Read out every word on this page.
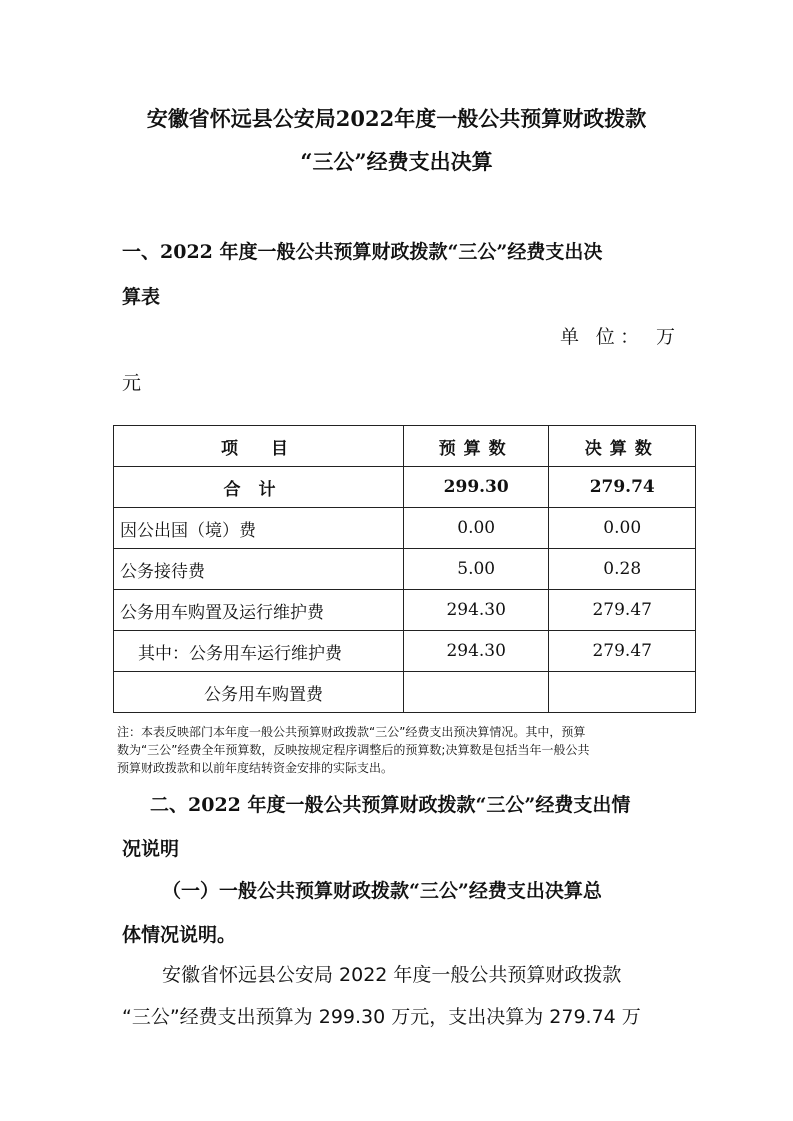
安徽省怀远县公安局2022年度一般公共预算财政拨款
“三公”经费支出决算
一、2022 年度一般公共预算财政拨款“三公”经费支出决
算表
单 位： 万
元
项　目	预算数	决算数
合计	299.30	279.74
因公出国（境）费	0.00	0.00
公务接待费	5.00	0.28
公务用车购置及运行维护费	294.30	279.47
其中：公务用车运行维护费	294.30	279.47
公务用车购置费		
注：本表反映部门本年度一般公共预算财政拨款“三公”经费支出预决算情况。其中，预算
数为“三公”经费全年预算数，反映按规定程序调整后的预算数;决算数是包括当年一般公共
预算财政拨款和以前年度结转资金安排的实际支出。
二、2022 年度一般公共预算财政拨款“三公”经费支出情
况说明
（一）一般公共预算财政拨款“三公”经费支出决算总
体情况说明。
安徽省怀远县公安局 2022 年度一般公共预算财政拨款
“三公”经费支出预算为 299.30 万元，支出决算为 279.74 万
